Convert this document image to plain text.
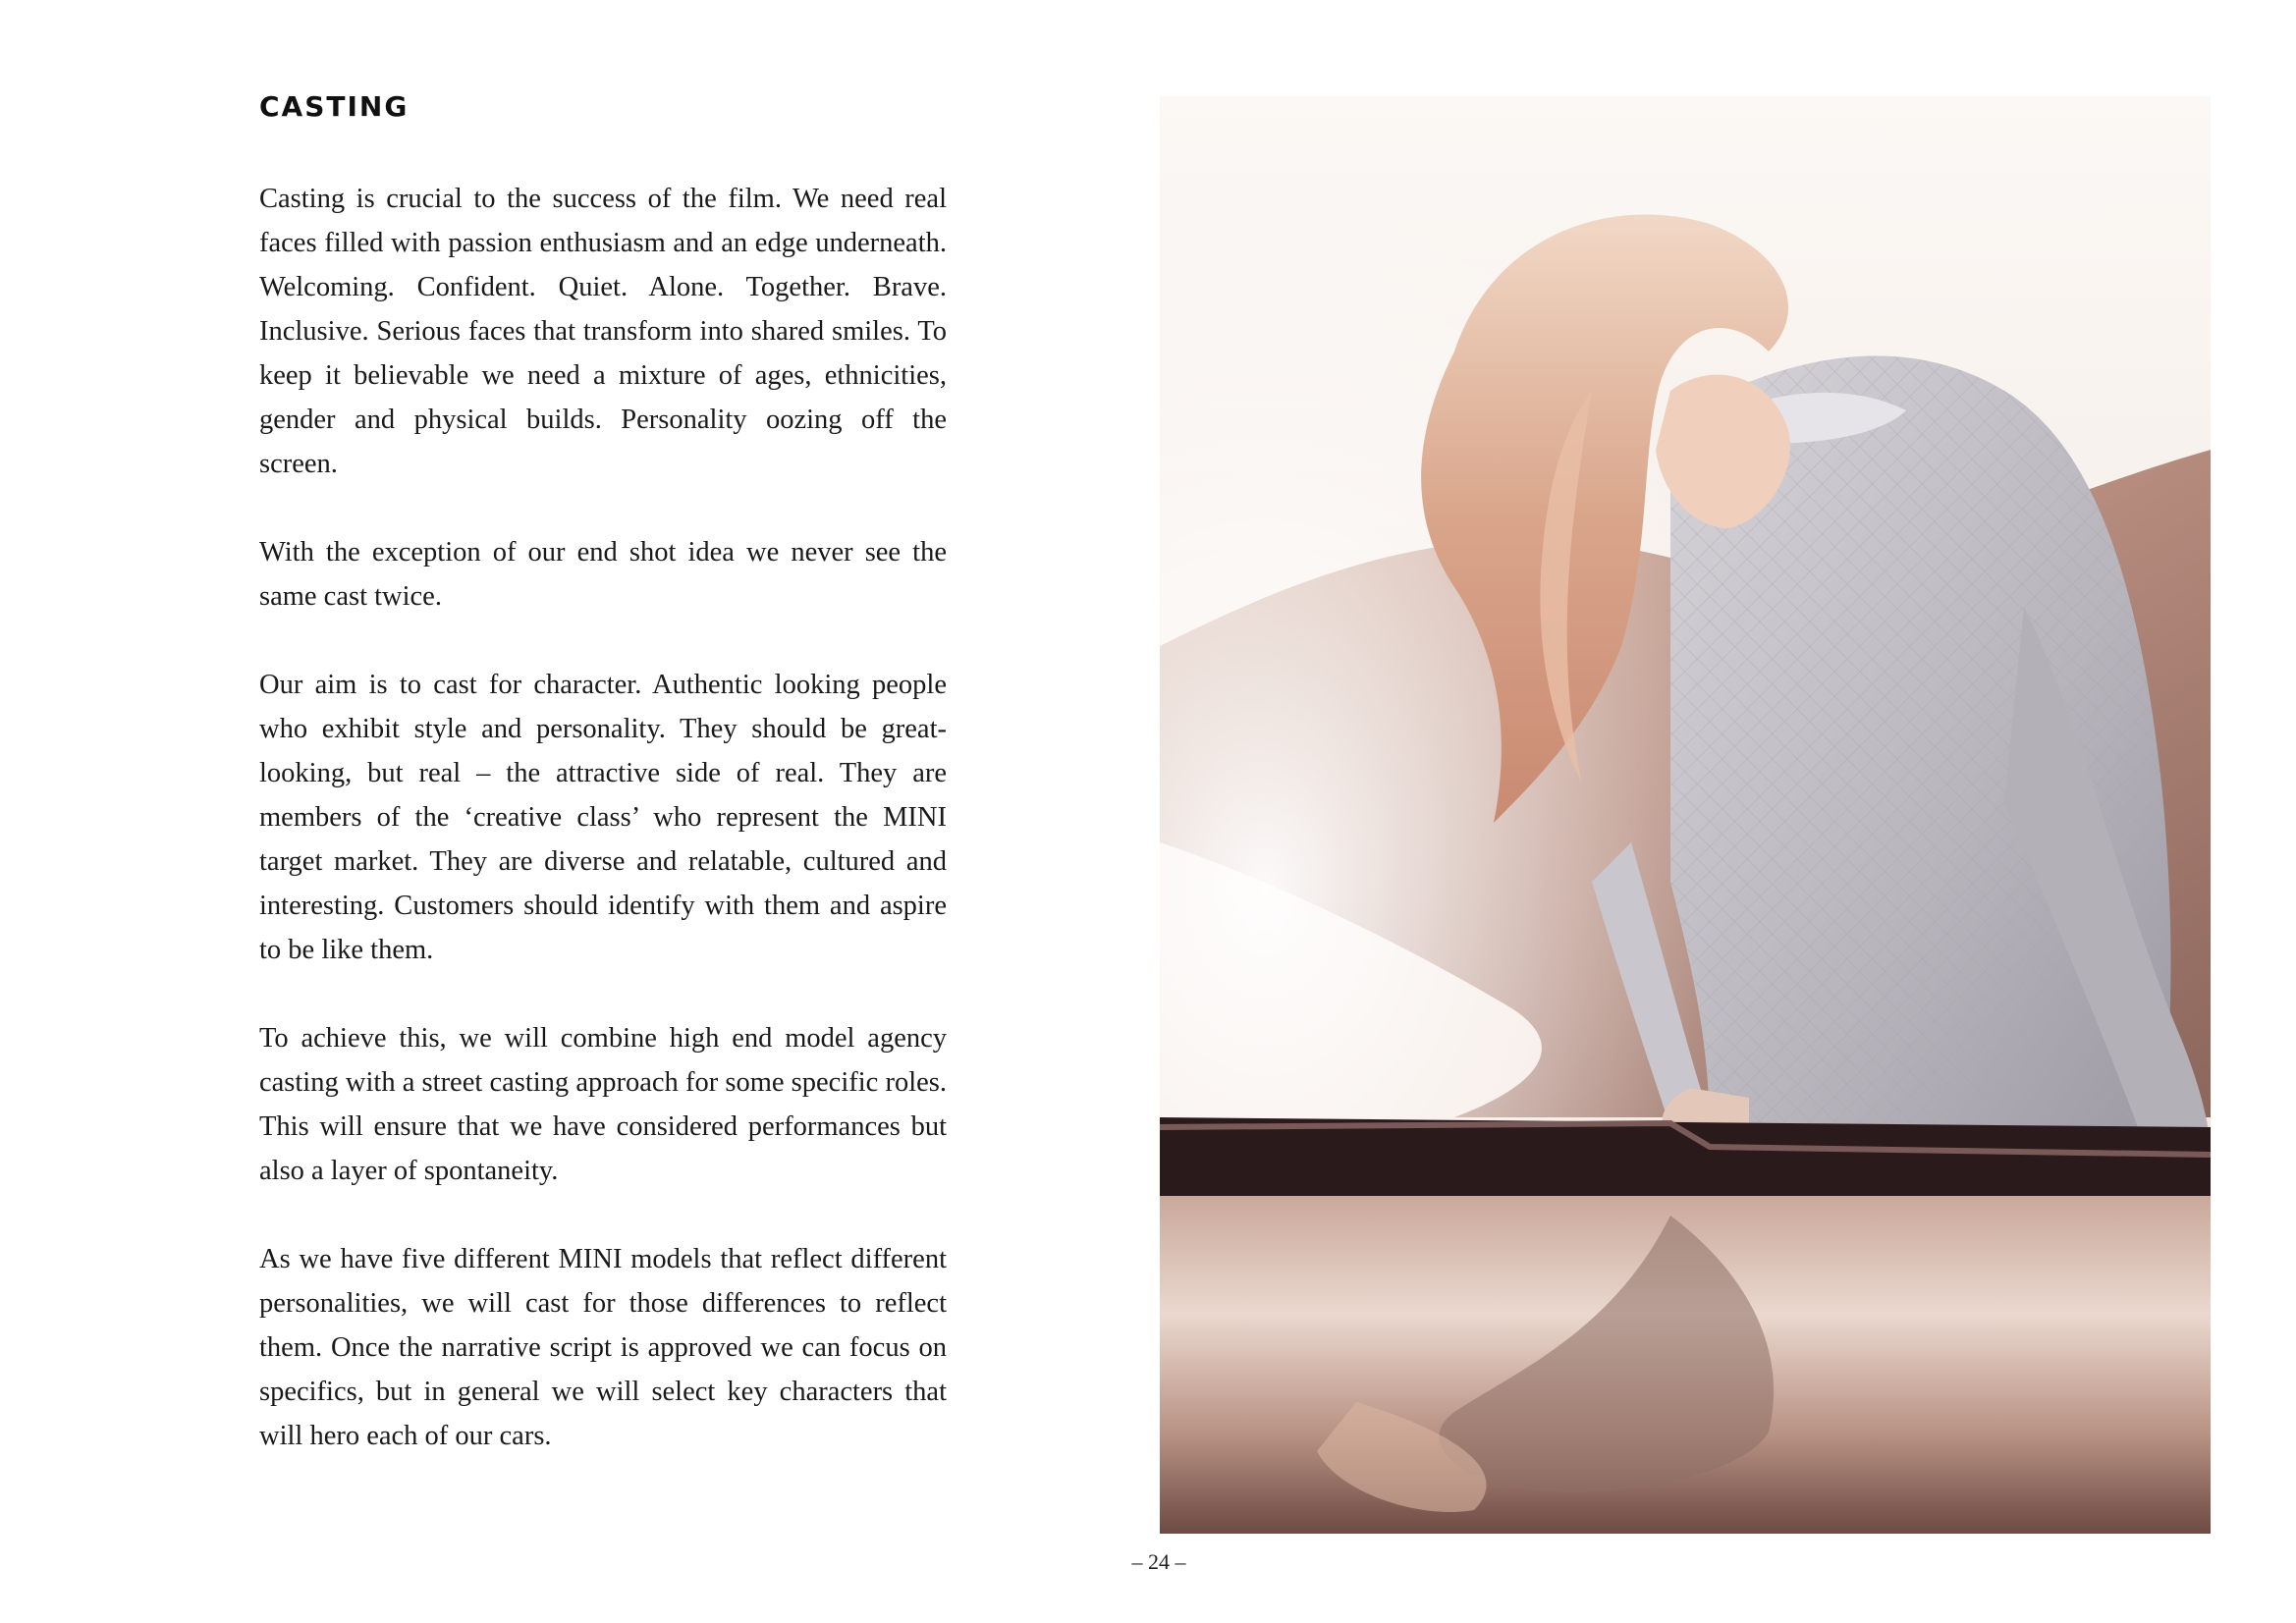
CASTING

Casting is crucial to the success of the film. We need real faces filled with passion enthusiasm and an edge underneath. Welcoming. Confident. Quiet. Alone. Together. Brave. Inclusive. Serious faces that transform into shared smiles. To keep it believable we need a mixture of ages, ethnicities, gender and physical builds. Personality oozing off the screen.

With the exception of our end shot idea we never see the same cast twice.

Our aim is to cast for character. Authentic looking people who exhibit style and personality. They should be great-looking, but real – the attractive side of real. They are members of the ‘creative class’ who represent the MINI target market. They are diverse and relatable, cultured and interesting. Customers should identify with them and aspire to be like them.

To achieve this, we will combine high end model agency casting with a street casting approach for some specific roles. This will ensure that we have considered performances but also a layer of spontaneity.

As we have five different MINI models that reflect different personalities, we will cast for those differences to reflect them. Once the narrative script is approved we can focus on specifics, but in general we will select key characters that will hero each of our cars.

– 24 –
